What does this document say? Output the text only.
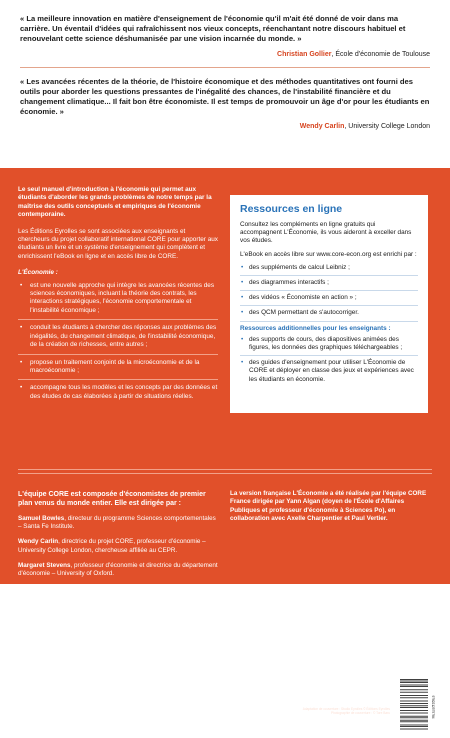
« La meilleure innovation en matière d'enseignement de l'économie qu'il m'ait été donné de voir dans ma carrière. Un éventail d'idées qui rafraîchissent nos vieux concepts, réenchantant notre discours habituel et renouvelant cette science déshumanisée par une vision incarnée du monde. »

Christian Gollier, École d'économie de Toulouse

« Les avancées récentes de la théorie, de l'histoire économique et des méthodes quantitatives ont fourni des outils pour aborder les questions pressantes de l'inégalité des chances, de l'instabilité financière et du changement climatique... Il fait bon être économiste. Il est temps de promouvoir un âge d'or pour les étudiants en économie. »

Wendy Carlin, University College London

Le seul manuel d'introduction à l'économie qui permet aux étudiants d'aborder les grands problèmes de notre temps par la maîtrise des outils conceptuels et empiriques de l'économie contemporaine.

Les Éditions Eyrolles se sont associées aux enseignants et chercheurs du projet collaboratif international CORE pour apporter aux étudiants un livre et un système d'enseignement qui complètent et enrichissent l'eBook en ligne et en accès libre de CORE.

L'Économie :

• est une nouvelle approche qui intègre les avancées récentes des sciences économiques, incluant la théorie des contrats, les interactions stratégiques, l'économie comportementale et l'instabilité économique ;
• conduit les étudiants à chercher des réponses aux problèmes des inégalités, du changement climatique, de l'instabilité économique, de la création de richesses, entre autres ;
• propose un traitement conjoint de la microéconomie et de la macroéconomie ;
• accompagne tous les modèles et les concepts par des données et des études de cas élaborées à partir de situations réelles.

Ressources en ligne

Consultez les compléments en ligne gratuits qui accompagnent L'Économie, ils vous aideront à exceller dans vos études.

L'eBook en accès libre sur www.core-econ.org est enrichi par :

• des suppléments de calcul Leibniz ;
• des diagrammes interactifs ;
• des vidéos « Économiste en action » ;
• des QCM permettant de s'autocorriger.

Ressources additionnelles pour les enseignants :

• des supports de cours, des diapositives animées des figures, les données des graphiques téléchargeables ;
• des guides d'enseignement pour utiliser L'Économie de CORE et déployer en classe des jeux et expériences avec les étudiants en économie.

L'équipe CORE est composée d'économistes de premier plan venus du monde entier. Elle est dirigée par :

Samuel Bowles, directeur du programme Sciences comportementales – Santa Fe Institute.

Wendy Carlin, directrice du projet CORE, professeur d'économie – University College London, chercheuse affiliée au CEPR.

Margaret Stevens, professeur d'économie et directrice du département d'économie – University of Oxford.

La version française L'Économie a été réalisée par l'équipe CORE France dirigée par Yann Algan (doyen de l'École d'Affaires Publiques et professeur d'économie à Sciences Po), en collaboration avec Axelle Charpentier et Paul Vertier.

55 €

www.editions-eyrolles.com

Éditions Eyrolles | Diffusion Geodif

Adaptation de couverture : Studio Eyrolles © Éditions Eyrolles

Photographie de couverture : © Tore Baru	9782212575784
